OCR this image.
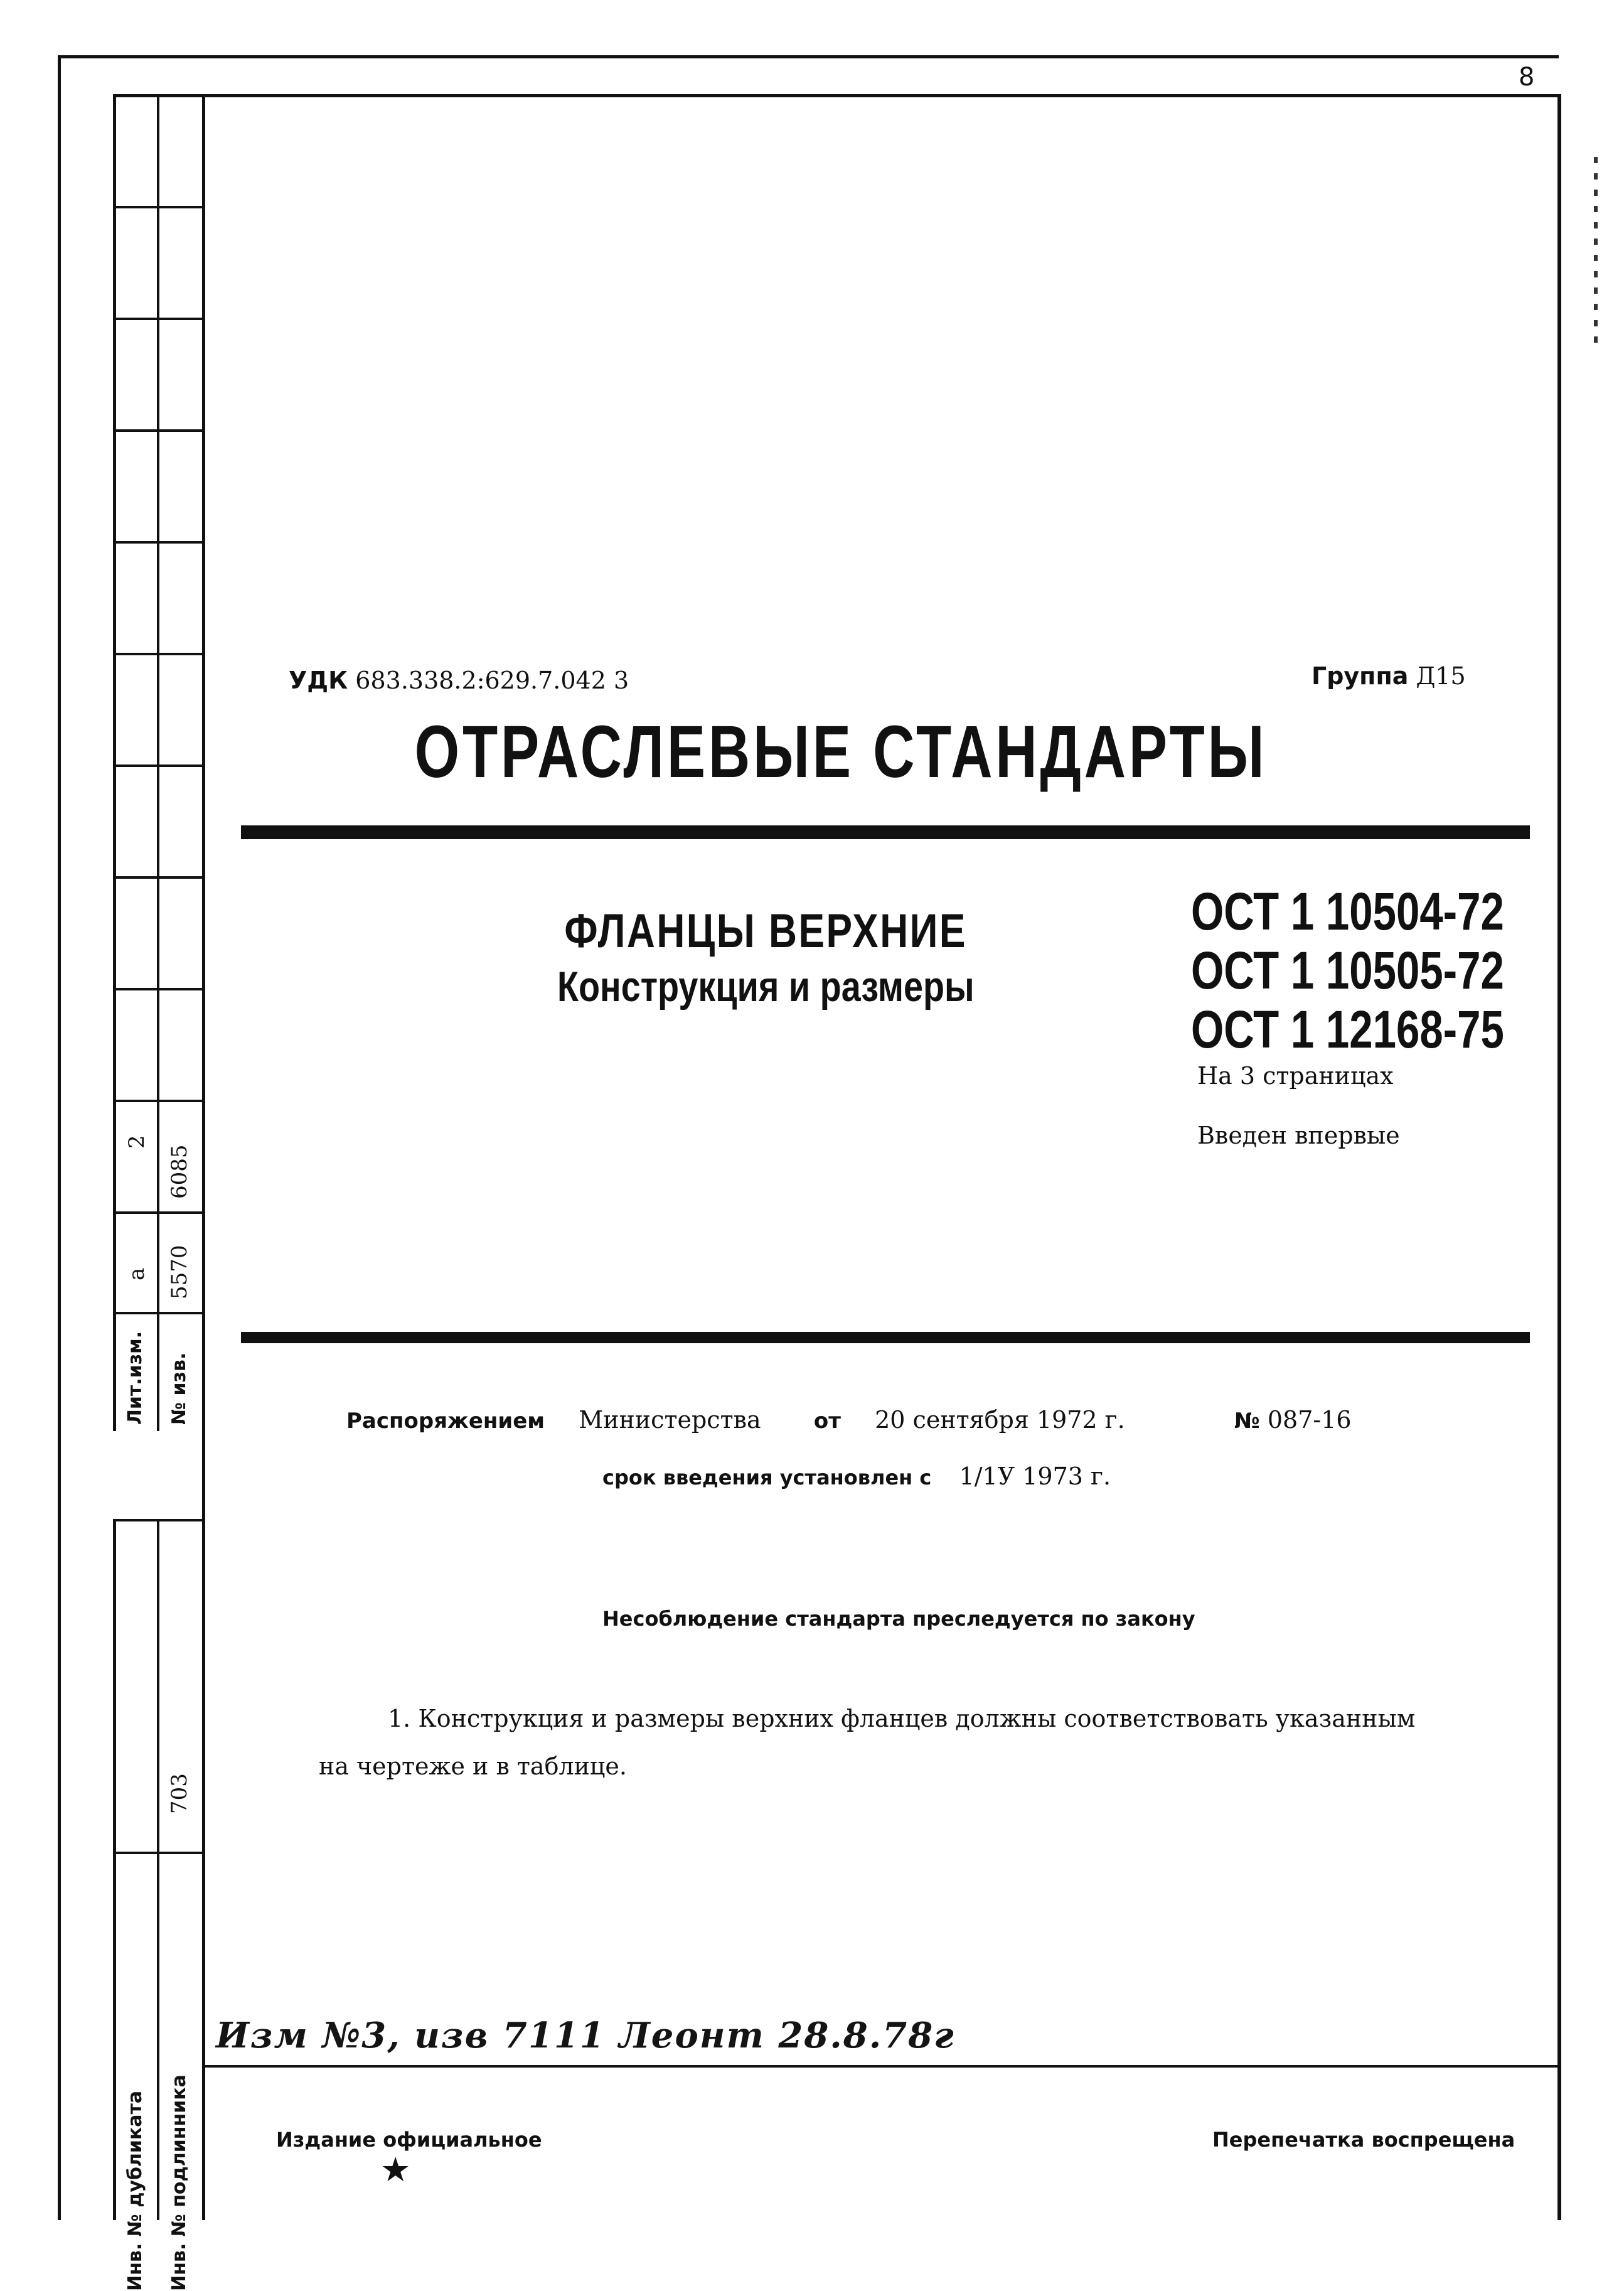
8
2
6085
а 5570
Лит.изм. № изв.
703
Инв. № дубликата Инв. № подлинника
УДК 683.338.2:629.7.042 3	Группа Д15
ОТРАСЛЕВЫЕ СТАНДАРТЫ
ФЛАНЦЫ ВЕРХНИЕ
Конструкция и размеры
ОСТ 1 10504-72
ОСТ 1 10505-72
ОСТ 1 12168-75
На 3 страницах
Введен впервые
Распоряжением Министерства от 20 сентября 1972 г.	№ 087-16
срок введения установлен с 1/1У 1973 г.
Несоблюдение стандарта преследуется по закону
1. Конструкция и размеры верхних фланцев должны соответствовать указанным
на чертеже и в таблице.
Изм №3, изв 7111 Леонт 28.8.78г
Издание официальное
★
Перепечатка воспрещена
